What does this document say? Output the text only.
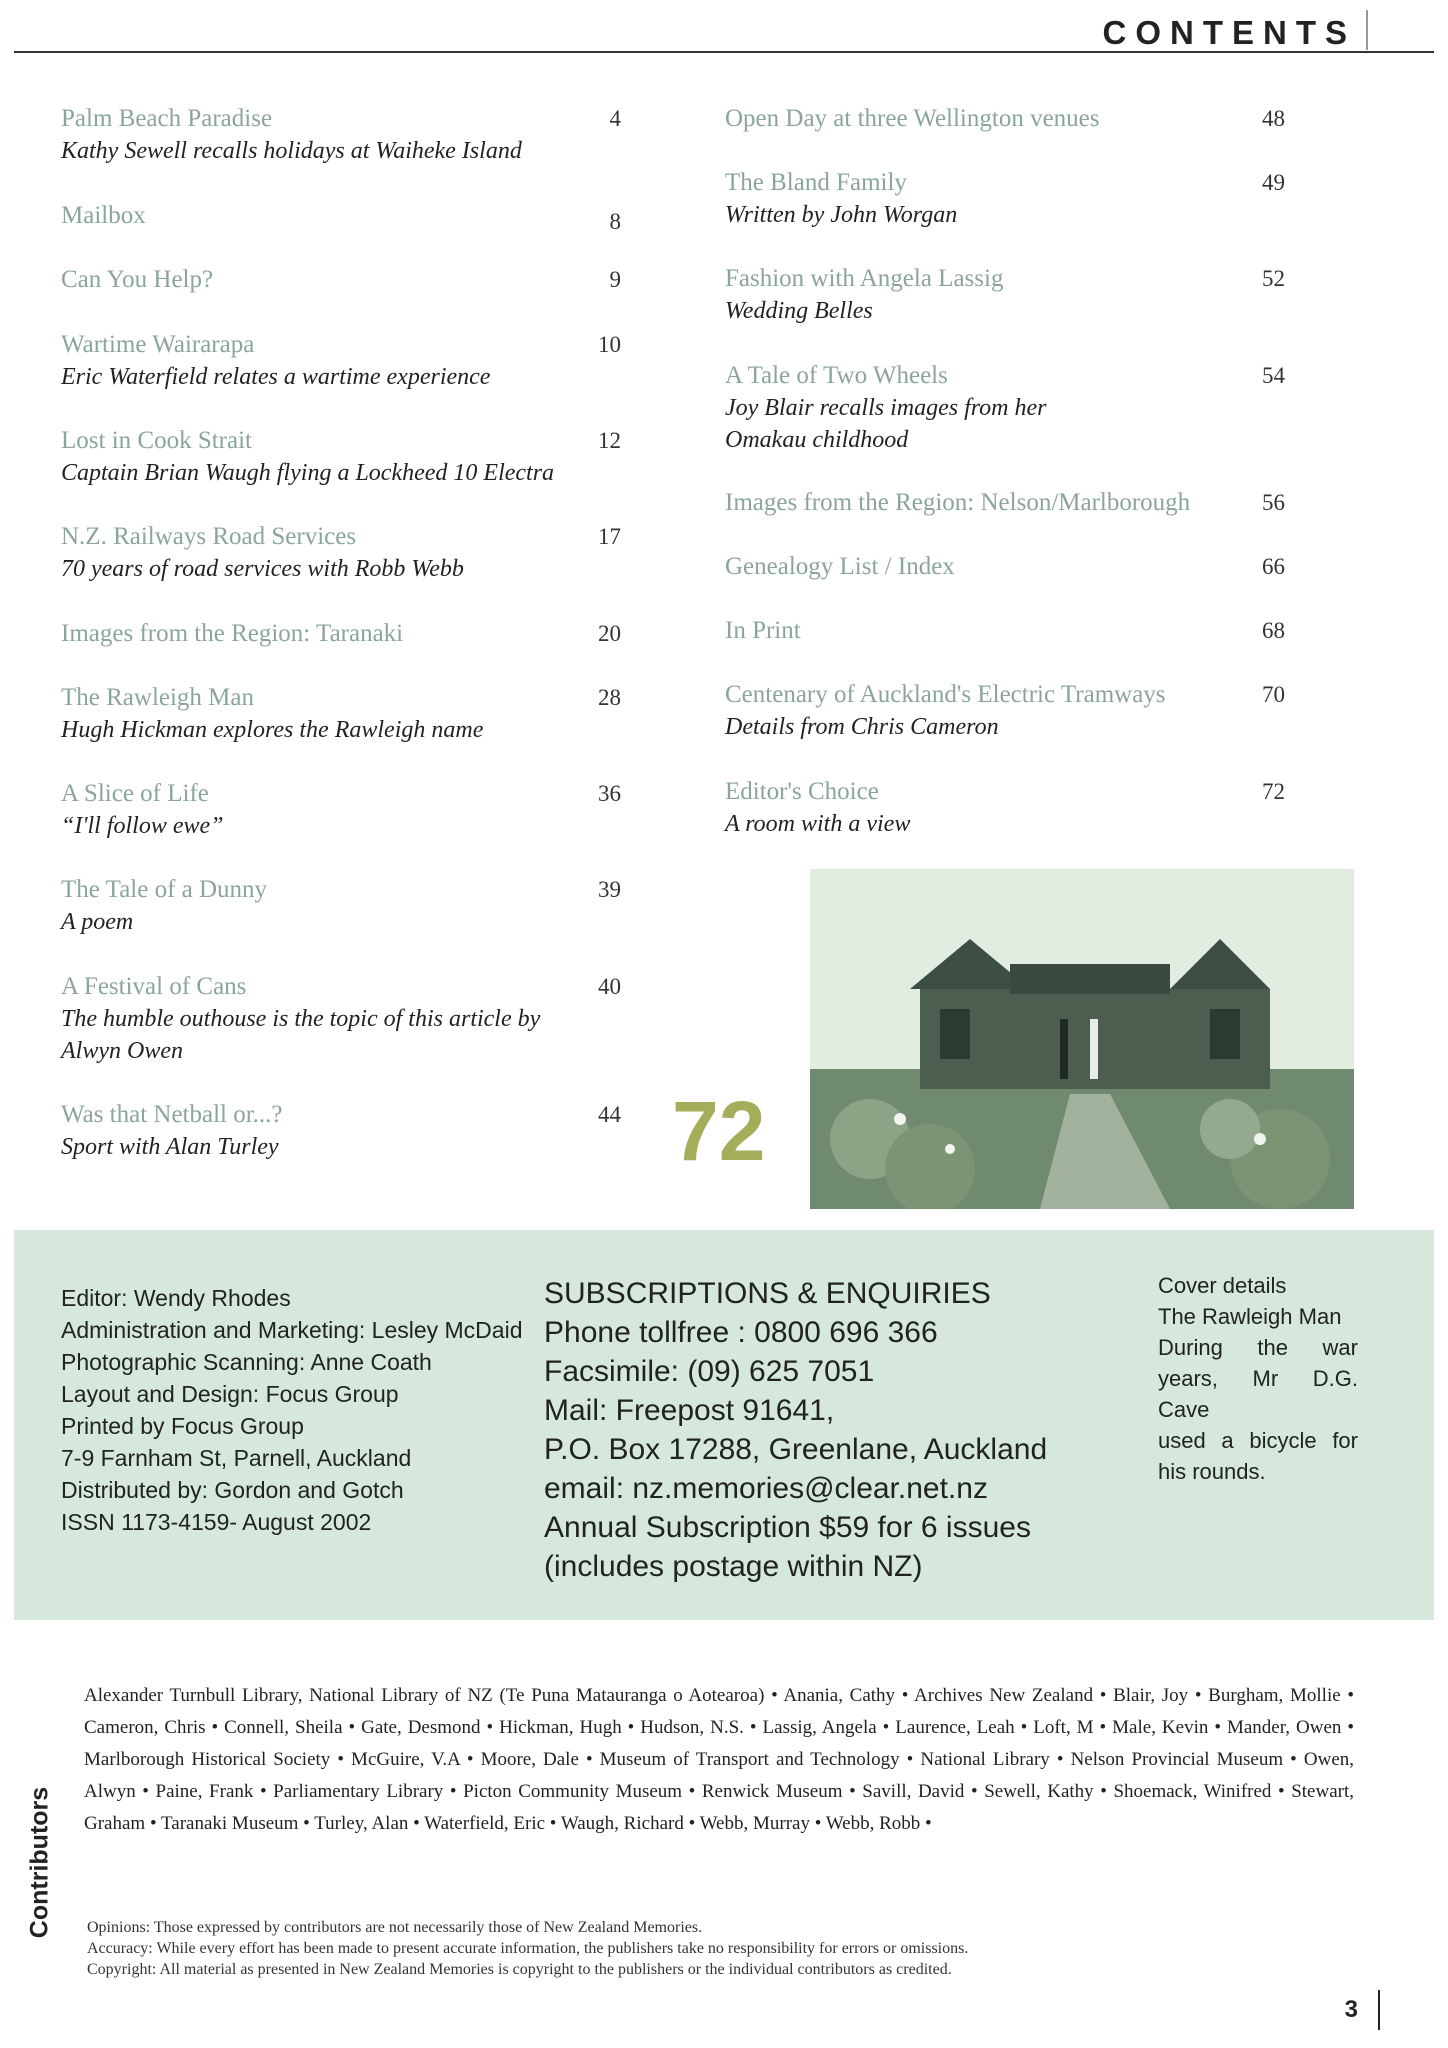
CONTENTS
Palm Beach Paradise	4
Kathy Sewell recalls holidays at Waiheke Island
Mailbox	8
Can You Help?	9
Wartime Wairarapa	10
Eric Waterfield relates a wartime experience
Lost in Cook Strait	12
Captain Brian Waugh flying a Lockheed 10 Electra
N.Z. Railways Road Services	17
70 years of road services with Robb Webb
Images from the Region: Taranaki	20
The Rawleigh Man	28
Hugh Hickman explores the Rawleigh name
A Slice of Life	36
“I'll follow ewe”
The Tale of a Dunny	39
A poem
A Festival of Cans	40
The humble outhouse is the topic of this article by Alwyn Owen
Was that Netball or...?	44
Sport with Alan Turley
Open Day at three Wellington venues	48
The Bland Family	49
Written by John Worgan
Fashion with Angela Lassig	52
Wedding Belles
A Tale of Two Wheels	54
Joy Blair recalls images from her Omakau childhood
Images from the Region: Nelson/Marlborough	56
Genealogy List / Index	66
In Print	68
Centenary of Auckland's Electric Tramways	70
Details from Chris Cameron
Editor's Choice	72
A room with a view
72
Editor: Wendy Rhodes
Administration and Marketing: Lesley McDaid
Photographic Scanning: Anne Coath
Layout and Design: Focus Group
Printed by Focus Group
7-9 Farnham St, Parnell, Auckland
Distributed by: Gordon and Gotch
ISSN 1173-4159- August 2002
SUBSCRIPTIONS & ENQUIRIES
Phone tollfree : 0800 696 366
Facsimile: (09) 625 7051
Mail: Freepost 91641,
P.O. Box 17288, Greenlane, Auckland
email: nz.memories@clear.net.nz
Annual Subscription $59 for 6 issues
(includes postage within NZ)
Cover details
The Rawleigh Man
During the war
years, Mr D.G. Cave
used a bicycle for
his rounds.
Contributors
Alexander Turnbull Library, National Library of NZ (Te Puna Matauranga o Aotearoa) • Anania, Cathy • Archives New Zealand • Blair, Joy • Burgham, Mollie • Cameron, Chris • Connell, Sheila • Gate, Desmond • Hickman, Hugh • Hudson, N.S. • Lassig, Angela • Laurence, Leah • Loft, M • Male, Kevin • Mander, Owen • Marlborough Historical Society • McGuire, V.A • Moore, Dale • Museum of Transport and Technology • National Library • Nelson Provincial Museum • Owen, Alwyn • Paine, Frank • Parliamentary Library • Picton Community Museum • Renwick Museum • Savill, David • Sewell, Kathy • Shoemack, Winifred • Stewart, Graham • Taranaki Museum • Turley, Alan • Waterfield, Eric • Waugh, Richard • Webb, Murray • Webb, Robb •
Opinions: Those expressed by contributors are not necessarily those of New Zealand Memories.
Accuracy: While every effort has been made to present accurate information, the publishers take no responsibility for errors or omissions.
Copyright: All material as presented in New Zealand Memories is copyright to the publishers or the individual contributors as credited.
3
